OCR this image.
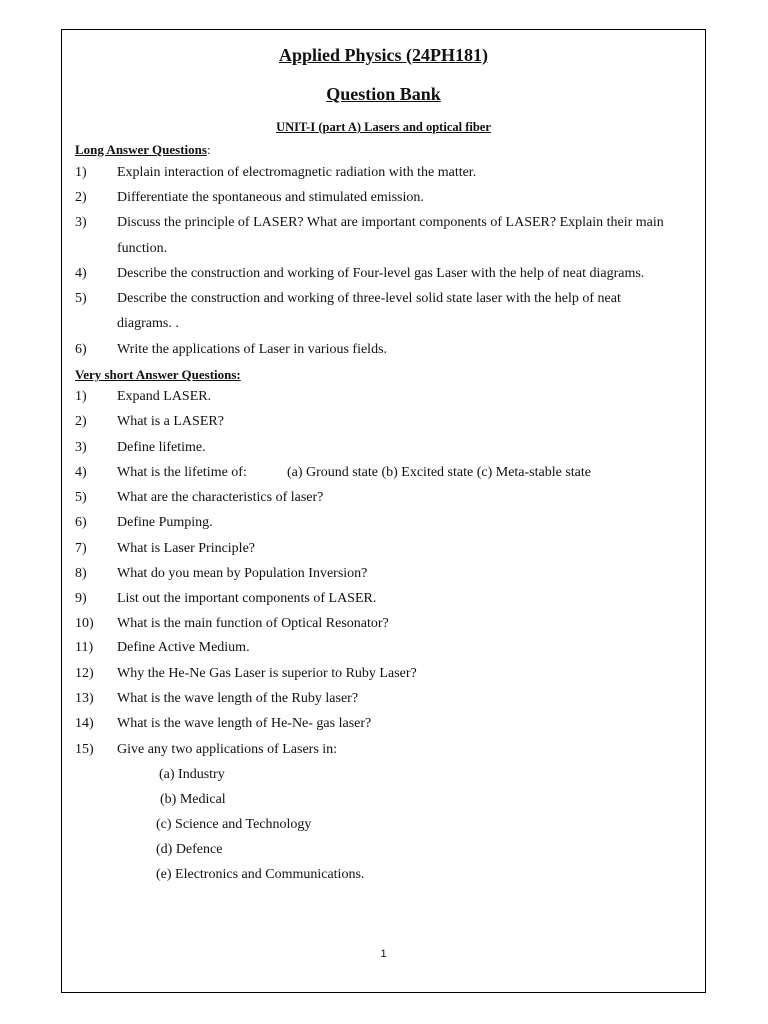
Applied Physics (24PH181)
Question Bank
UNIT-I (part A) Lasers and optical fiber
Long Answer Questions:
1)	Explain interaction of electromagnetic radiation with the matter.
2)	Differentiate the spontaneous and stimulated emission.
3)	Discuss the principle of LASER? What are important components of LASER? Explain their main
function.
4)	Describe the construction and working of Four-level gas Laser with the help of neat diagrams.
5)	Describe the construction and working of three-level solid state laser with the help of neat
diagrams. .
6)	Write the applications of Laser in various fields.
Very short Answer Questions:
1)	Expand LASER.
2)	What is a LASER?
3)	Define lifetime.
4)	What is the lifetime of:	(a) Ground state (b) Excited state (c) Meta-stable state
5)	What are the characteristics of laser?
6)	Define Pumping.
7)	What is Laser Principle?
8)	What do you mean by Population Inversion?
9)	List out the important components of LASER.
10)	What is the main function of Optical Resonator?
11)	Define Active Medium.
12)	Why the He-Ne Gas Laser is superior to Ruby Laser?
13)	What is the wave length of the Ruby laser?
14)	What is the wave length of He-Ne- gas laser?
15)	Give any two applications of Lasers in:
(a) Industry
(b) Medical
(c) Science and Technology
(d) Defence
(e) Electronics and Communications.
1
